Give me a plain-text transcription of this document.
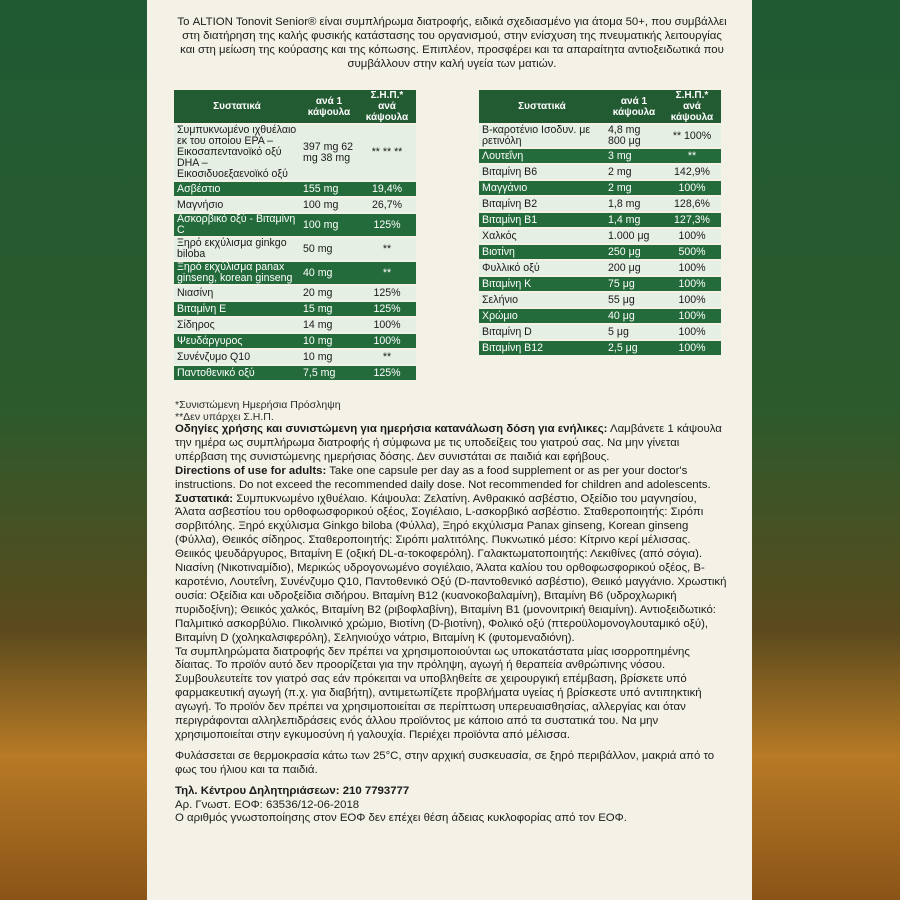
Το ALTION Tonovit Senior® είναι συμπλήρωμα διατροφής, ειδικά σχεδιασμένο για άτομα 50+, που συμβάλλει στη διατήρηση της καλής φυσικής κατάστασης του οργανισμού, στην ενίσχυση της πνευματικής λειτουργίας και στη μείωση της κούρασης και της κόπωσης. Επιπλέον, προσφέρει και τα απαραίτητα αντιοξειδωτικά που συμβάλλουν στην καλή υγεία των ματιών.
Συστατικά	ανά 1 κάψουλα	Σ.Η.Π.* ανά κάψουλα
Συμπυκνωμένο ιχθυέλαιο εκ του οποίου ΕΡΑ – Εικοσαπεντανοϊκό οξύ DHA – Εικοσιδυοεξαενοϊκό οξύ	397 mg 62 mg 38 mg	** ** **
Ασβέστιο	155 mg	19,4%
Μαγνήσιο	100 mg	26,7%
Ασκορβικό οξύ - Βιταμίνη C	100 mg	125%
Ξηρό εκχύλισμα ginkgo biloba	50 mg	**
Ξηρό εκχύλισμα panax ginseng, korean ginseng	40 mg	**
Νιασίνη	20 mg	125%
Βιταμίνη Ε	15 mg	125%
Σίδηρος	14 mg	100%
Ψευδάργυρος	10 mg	100%
Συνένζυμο Q10	10 mg	**
Παντοθενικό οξύ	7,5 mg	125%
Συστατικά	ανά 1 κάψουλα	Σ.Η.Π.* ανά κάψουλα
Β-καροτένιο Ισοδυν. με ρετινόλη	4,8 mg 800 μg	** 100%
Λουτεΐνη	3 mg	**
Βιταμίνη Β6	2 mg	142,9%
Μαγγάνιο	2 mg	100%
Βιταμίνη Β2	1,8 mg	128,6%
Βιταμίνη Β1	1,4 mg	127,3%
Χαλκός	1.000 μg	100%
Βιοτίνη	250 μg	500%
Φυλλικό οξύ	200 μg	100%
Βιταμίνη Κ	75 μg	100%
Σελήνιο	55 μg	100%
Χρώμιο	40 μg	100%
Βιταμίνη D	5 μg	100%
Βιταμίνη Β12	2,5 μg	100%
*Συνιστώμενη Ημερήσια Πρόσληψη
**Δεν υπάρχει Σ.Η.Π.

Οδηγίες χρήσης και συνιστώμενη για ημερήσια κατανάλωση δόση για ενήλικες: Λαμβάνετε 1 κάψουλα την ημέρα ως συμπλήρωμα διατροφής ή σύμφωνα με τις υποδείξεις του γιατρού σας. Να μην γίνεται υπέρβαση της συνιστώμενης ημερήσιας δόσης. Δεν συνιστάται σε παιδιά και εφήβους.

Directions of use for adults: Take one capsule per day as a food supplement or as per your doctor's instructions. Do not exceed the recommended daily dose. Not recommended for children and adolescents.

Συστατικά: Συμπυκνωμένο ιχθυέλαιο. Κάψουλα: Ζελατίνη. Ανθρακικό ασβέστιο, Οξείδιο του μαγνησίου, Άλατα ασβεστίου του ορθοφωσφορικού οξέος, Σογιέλαιο, L-ασκορβικό ασβέστιο. Σταθεροποιητής: Σιρόπι σορβιτόλης. Ξηρό εκχύλισμα Ginkgo biloba (Φύλλα), Ξηρό εκχύλισμα Panax ginseng, Korean ginseng (Φύλλα), Θειικός σίδηρος. Σταθεροποιητής: Σιρόπι μαλτιτόλης. Πυκνωτικό μέσο: Κίτρινο κερί μέλισσας. Θειικός ψευδάργυρος, Βιταμίνη Ε (οξική DL-α-τοκοφερόλη). Γαλακτωματοποιητής: Λεκιθίνες (από σόγια). Νιασίνη (Νικοτιναμίδιο), Μερικώς υδρογονωμένο σογιέλαιο, Άλατα καλίου του ορθοφωσφορικού οξέος, Β-καροτένιο, Λουτεΐνη, Συνένζυμο Q10, Παντοθενικό Οξύ (D-παντοθενικό ασβέστιο), Θειικό μαγγάνιο. Χρωστική ουσία: Οξείδια και υδροξείδια σιδήρου. Βιταμίνη Β12 (κυανοκοβαλαμίνη), Βιταμίνη Β6 (υδροχλωρική πυριδοξίνη); Θειικός χαλκός, Βιταμίνη Β2 (ριβοφλαβίνη), Βιταμίνη Β1 (μονονιτρική θειαμίνη). Αντιοξειδωτικό: Παλμιτικό ασκορβύλιο. Πικολινικό χρώμιο, Βιοτίνη (D-βιοτίνη), Φολικό οξύ (πτεροϋλομονογλουταμικό οξύ), Βιταμίνη D (χοληκαλσιφερόλη), Σεληνιούχο νάτριο, Βιταμίνη Κ (φυτομεναδιόνη).

Τα συμπληρώματα διατροφής δεν πρέπει να χρησιμοποιούνται ως υποκατάστατα μίας ισορροπημένης δίαιτας. Το προϊόν αυτό δεν προορίζεται για την πρόληψη, αγωγή ή θεραπεία ανθρώπινης νόσου. Συμβουλευτείτε τον γιατρό σας εάν πρόκειται να υποβληθείτε σε χειρουργική επέμβαση, βρίσκετε υπό φαρμακευτική αγωγή (π.χ. για διαβήτη), αντιμετωπίζετε προβλήματα υγείας ή βρίσκεστε υπό αντιπηκτική αγωγή. Το προϊόν δεν πρέπει να χρησιμοποιείται σε περίπτωση υπερευαισθησίας, αλλεργίας και όταν περιγράφονται αλληλεπιδράσεις ενός άλλου προϊόντος με κάποιο από τα συστατικά του. Να μην χρησιμοποιείται στην εγκυμοσύνη ή γαλουχία. Περιέχει προϊόντα από μέλισσα.

Φυλάσσεται σε θερμοκρασία κάτω των 25°C, στην αρχική συσκευασία, σε ξηρό περιβάλλον, μακριά από το φως του ήλιου και τα παιδιά.

Τηλ. Κέντρου Δηλητηριάσεων: 210 7793777

Αρ. Γνωστ. ΕΟΦ: 63536/12-06-2018

Ο αριθμός γνωστοποίησης στον ΕΟΦ δεν επέχει θέση άδειας κυκλοφορίας από τον ΕΟΦ.
